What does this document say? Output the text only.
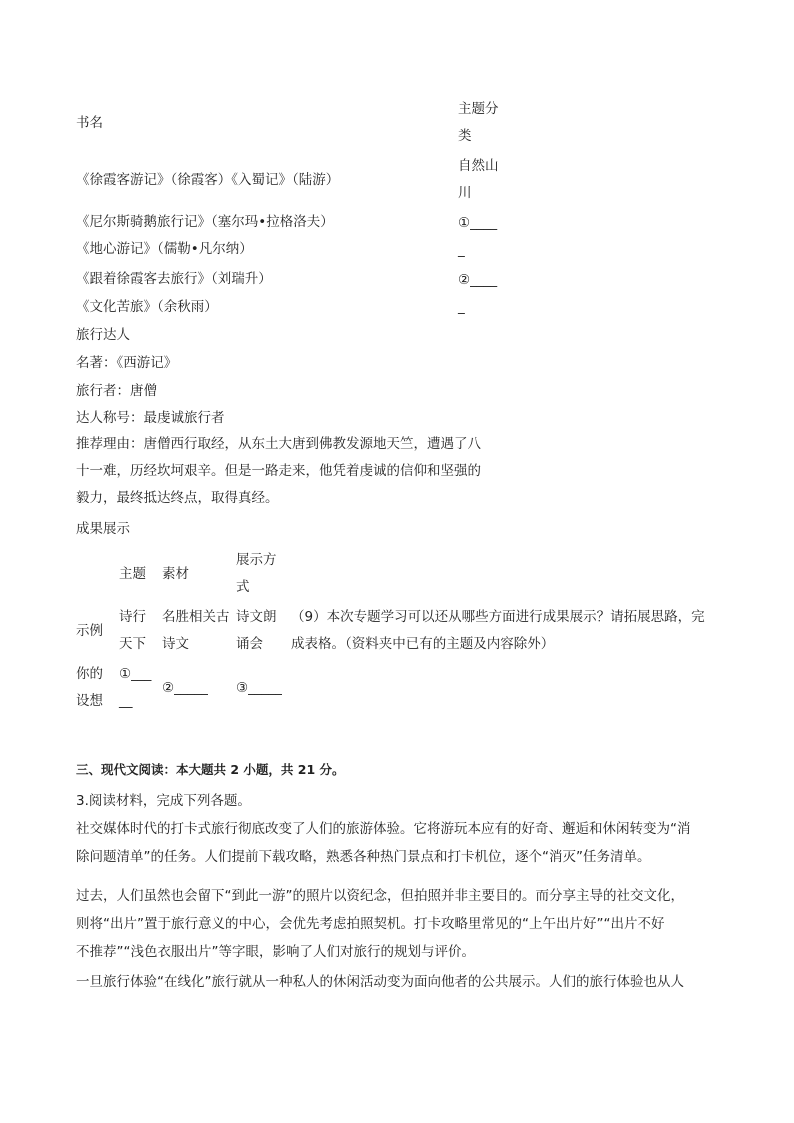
书名
主题分
类
《徐霞客游记》（徐霞客）《入蜀记》（陆游）
自然山
川
《尼尔斯骑鹅旅行记》（塞尔玛•拉格洛夫）
《地心游记》（儒勒•凡尔纳）
①____
_
《跟着徐霞客去旅行》（刘瑞升）
《文化苦旅》（余秋雨）
②____
_
旅行达人
名著：《西游记》
旅行者：唐僧
达人称号：最虔诚旅行者
推荐理由：唐僧西行取经，从东土大唐到佛教发源地天竺，遭遇了八
十一难，历经坎坷艰辛。但是一路走来，他凭着虔诚的信仰和坚强的
毅力，最终抵达终点，取得真经。
成果展示
主题 素材
展示方
式
示例
诗行
天下
名胜相关古
诗文
诗文朗
诵会
（9）本次专题学习可以还从哪些方面进行成果展示？请拓展思路，完
成表格。（资料夹中已有的主题及内容除外）
你的
设想
①___
__
②_____ ③_____
三、现代文阅读：本大题共 2 小题，共 21 分。
3.阅读材料，完成下列各题。
社交媒体时代的打卡式旅行彻底改变了人们的旅游体验。它将游玩本应有的好奇、邂逅和休闲转变为“消
除问题清单”的任务。人们提前下载攻略，熟悉各种热门景点和打卡机位，逐个“消灭”任务清单。
过去，人们虽然也会留下“到此一游”的照片以资纪念，但拍照并非主要目的。而分享主导的社交文化，
则将“出片”置于旅行意义的中心，会优先考虑拍照契机。打卡攻略里常见的“上午出片好”“出片不好
不推荐”“浅色衣服出片”等字眼，影响了人们对旅行的规划与评价。
一旦旅行体验“在线化”旅行就从一种私人的休闲活动变为面向他者的公共展示。人们的旅行体验也从人
